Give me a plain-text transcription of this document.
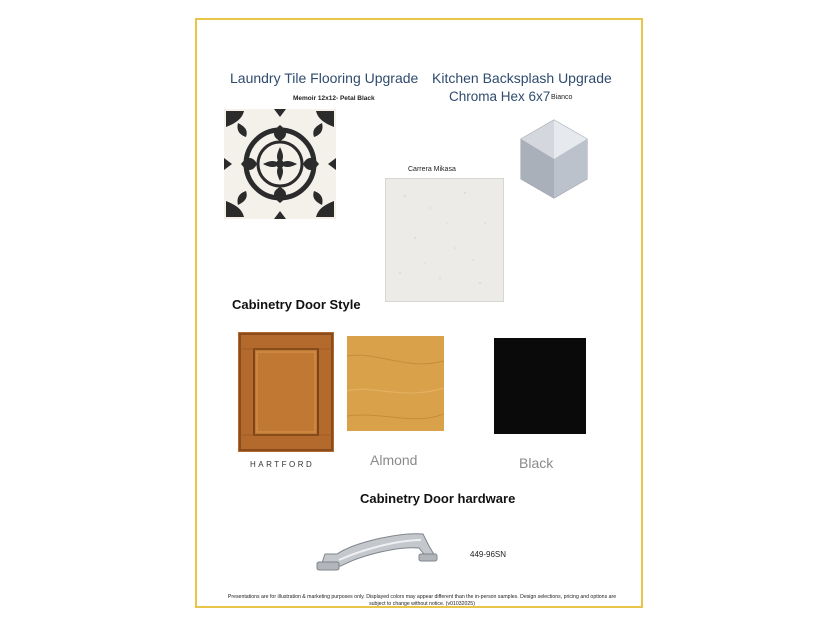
Laundry Tile Flooring Upgrade
Memoir 12x12- Petal Black
Kitchen Backsplash Upgrade
Chroma Hex 6x7 Bianco
Carrera Mikasa
Cabinetry Door Style
HARTFORD	Almond	Black
Cabinetry Door hardware
449-96SN
Presentations are for illustration & marketing purposes only. Displayed colors may appear different than the in-person samples. Design selections, pricing and options are subject to change without notice. (v01032025)
